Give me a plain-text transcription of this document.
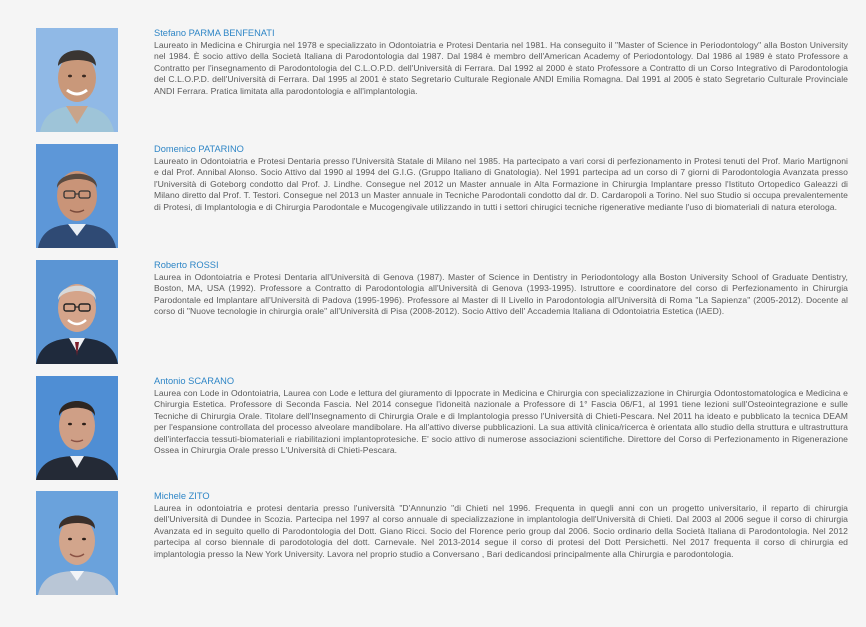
Stefano PARMA BENFENATI

Laureato in Medicina e Chirurgia nel 1978 e specializzato in Odontoiatria e Protesi Dentaria nel 1981. Ha conseguito il "Master of Science in Periodontology" alla Boston University nel 1984. È socio attivo della Società Italiana di Parodontologia dal 1987. Dal 1984 è membro dell'American Academy of Periodontology. Dal 1986 al 1989 è stato Professore a Contratto per l'insegnamento di Parodontologia del C.L.O.P.D. dell'Università di Ferrara. Dal 1992 al 2000 è stato Professore a Contratto di un Corso Integrativo di Parodontologia del C.L.O.P.D. dell'Università di Ferrara. Dal 1995 al 2001 è stato Segretario Culturale Regionale ANDI Emilia Romagna. Dal 1991 al 2005 è stato Segretario Culturale Provinciale ANDI Ferrara. Pratica limitata alla parodontologia e all'implantologia.

Domenico PATARINO

Laureato in Odontoiatria e Protesi Dentaria presso l'Università Statale di Milano nel 1985. Ha partecipato a vari corsi di perfezionamento in Protesi tenuti del Prof. Mario Martignoni e dal Prof. Annibal Alonso. Socio Attivo dal 1990 al 1994 del G.I.G. (Gruppo Italiano di Gnatologia). Nel 1991 partecipa ad un corso di 7 giorni di Parodontologia Avanzata presso l'Università di Goteborg condotto dal Prof. J. Lindhe. Consegue nel 2012 un Master annuale in Alta Formazione in Chirurgia Implantare presso l'Istituto Ortopedico Galeazzi di Milano diretto dal Prof. T. Testori. Consegue nel 2013 un Master annuale in Tecniche Parodontali condotto dal dr. D. Cardaropoli a Torino. Nel suo Studio si occupa prevalentemente di Protesi, di Implantologia e di Chirurgia Parodontale e Mucogengivale utilizzando in tutti i settori chirugici tecniche rigenerative mediante l'uso di biomateriali di natura eterologa.

Roberto ROSSI

Laurea in Odontoiatria e Protesi Dentaria all'Università di Genova (1987). Master of Science in Dentistry in Periodontology alla Boston University School of Graduate Dentistry, Boston, MA, USA (1992). Professore a Contratto di Parodontologia all'Università di Genova (1993-1995). Istruttore e coordinatore del corso di Perfezionamento in Chirurgia Parodontale ed Implantare all'Università di Padova (1995-1996). Professore al Master di II Livello in Parodontologia all'Università di Roma "La Sapienza" (2005-2012). Docente al corso di "Nuove tecnologie in chirurgia orale" all'Università di Pisa (2008-2012). Socio Attivo dell' Accademia Italiana di Odontoiatria Estetica (IAED).

Antonio SCARANO

Laurea con Lode in Odontoiatria, Laurea con Lode e lettura del giuramento di Ippocrate in Medicina e Chirurgia con specializzazione in Chirurgia Odontostomatologica e Medicina e Chirurgia Estetica. Professore di Seconda Fascia. Nel 2014 consegue l'idoneità nazionale a Professore di 1° Fascia 06/F1, al 1991 tiene lezioni sull'Osteointegrazione e sulle Tecniche di Chirurgia Orale. Titolare dell'Insegnamento di Chirurgia Orale e di Implantologia presso l'Università di Chieti-Pescara. Nel 2011 ha ideato e pubblicato la tecnica DEAM per l'espansione controllata del processo alveolare mandibolare. Ha all'attivo diverse pubblicazioni. La sua attività clinica/ricerca è orientata allo studio della struttura e ultrastruttura dell'interfaccia tessuti-biomateriali e riabilitazioni implantoprotesiche. E' socio attivo di numerose associazioni scientifiche. Direttore del Corso di Perfezionamento in Rigenerazione Ossea in Chirurgia Orale presso L'Università di Chieti-Pescara.

Michele ZITO

Laurea in odontoiatria e protesi dentaria presso l'università "D'Annunzio "di Chieti nel 1996. Frequenta in quegli anni con un progetto universitario, il reparto di chirurgia dell'Università di Dundee in Scozia. Partecipa nel 1997 al corso annuale di specializzazione in implantologia dell'Università di Chieti. Dal 2003 al 2006 segue il corso di chirurgia Avanzata ed in seguito quello di Parodontologia del Dott. Giano Ricci. Socio del Florence perio group dal 2006. Socio ordinario della Società Italiana di Parodontologia. Nel 2012 partecipa al corso biennale di parodotologia del dott. Carnevale. Nel 2013-2014 segue il corso di protesi del Dott Persichetti. Nel 2017 frequenta il corso di chirurgia ed implantologia presso la New York University. Lavora nel proprio studio a Conversano , Bari dedicandosi principalmente alla Chirurgia e parodontologia.
